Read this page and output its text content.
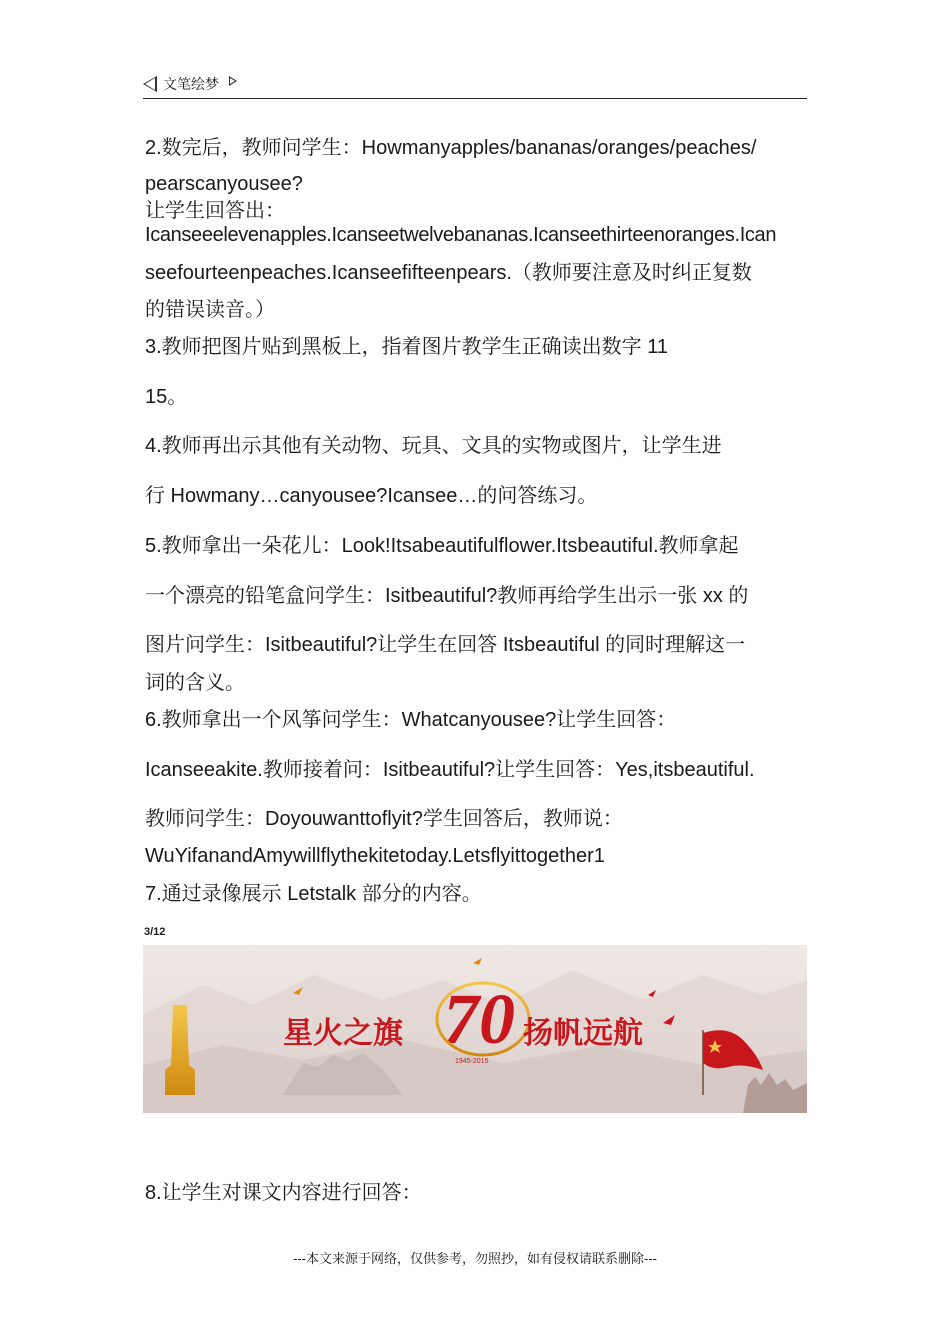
文笔绘梦
2.数完后，教师问学生：Howmanyapples/bananas/oranges/peaches/
pearscanyousee?
让学生回答出：
Icanseeelevenapples.Icanseetwelvebananas.Icanseethirteenoranges.Ican
seefourteenpeaches.Icanseefifteenpears.（教师要注意及时纠正复数
的错误读音。）
3.教师把图片贴到黑板上，指着图片教学生正确读出数字 11
15。
4.教师再出示其他有关动物、玩具、文具的实物或图片，让学生进
行 Howmany…canyousee?Icansee…的问答练习。
5.教师拿出一朵花儿：Look!Itsabeautifulflower.Itsbeautiful.教师拿起
一个漂亮的铅笔盒问学生：Isitbeautiful?教师再给学生出示一张 xx 的
图片问学生：Isitbeautiful?让学生在回答 Itsbeautiful 的同时理解这一
词的含义。
6.教师拿出一个风筝问学生：Whatcanyousee?让学生回答：
Icanseeakite.教师接着问：Isitbeautiful?让学生回答：Yes,itsbeautiful.
教师问学生：Doyouwanttoflyit?学生回答后，教师说：
WuYifanandAmywillflythekitetoday.Letsflyittogether1
7.通过录像展示 Letstalk 部分的内容。
8.让学生对课文内容进行回答：
3/12
70
1945-2015
星火之旗	扬帆远航
---本文来源于网络，仅供参考，勿照抄，如有侵权请联系删除---
